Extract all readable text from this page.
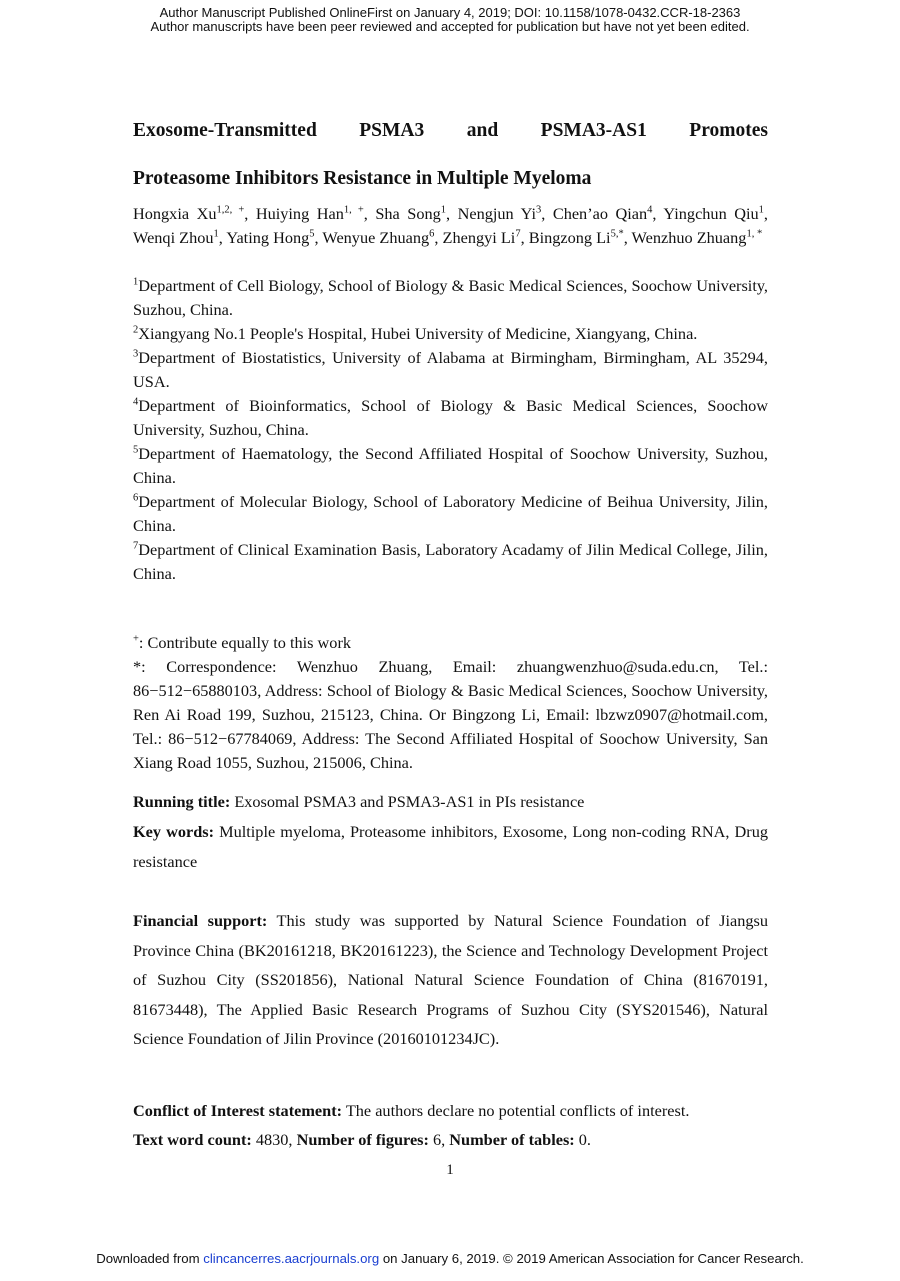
Author Manuscript Published OnlineFirst on January 4, 2019; DOI: 10.1158/1078-0432.CCR-18-2363
Author manuscripts have been peer reviewed and accepted for publication but have not yet been edited.
Exosome-Transmitted PSMA3 and PSMA3-AS1 Promotes
Proteasome Inhibitors Resistance in Multiple Myeloma
Hongxia $Xu^{1,2, +}$, Huiying Han$^{1, +}$, Sha Song$^1$, Nengjun Yi$^3$, Chen’ao Qian$^4$, Yingchun Qiu$^1$, Wenqi Zhou$^1$, Yating Hong$^5$, Wenyue Zhuang$^6$, Zhengyi Li$^7$, Bingzong $Li^{5,*}$, Wenzhuo Zhuang$^{1, *}$

$^1$Department of Cell Biology, School of Biology & Basic Medical Sciences, Soochow University, Suzhou, China.

$^2$Xiangyang No.1 People's Hospital, Hubei University of Medicine, Xiangyang, China.

$^3$Department of Biostatistics, University of Alabama at Birmingham, Birmingham, AL 35294, USA.

$^4$Department of Bioinformatics, School of Biology & Basic Medical Sciences, Soochow University, Suzhou, China.

$^5$Department of Haematology, the Second Affiliated Hospital of Soochow University, Suzhou, China.

$^6$Department of Molecular Biology, School of Laboratory Medicine of Beihua University, Jilin, China.

$^7$Department of Clinical Examination Basis, Laboratory Acadamy of Jilin Medical College, Jilin, China.

+: Contribute equally to this work

*: Correspondence: Wenzhuo Zhuang, Email: zhuangwenzhuo@suda.edu.cn, Tel.: 86−512−65880103, Address: School of Biology & Basic Medical Sciences, Soochow University, Ren Ai Road 199, Suzhou, 215123, China. Or Bingzong Li, Email: lbzwz0907@hotmail.com, Tel.: 86−512−67784069, Address: The Second Affiliated Hospital of Soochow University, San Xiang Road 1055, Suzhou, 215006, China.

Running title: Exosomal PSMA3 and PSMA3-AS1 in PIs resistance
Key words: Multiple myeloma, Proteasome inhibitors, Exosome, Long non-coding RNA, Drug resistance
Financial support: This study was supported by Natural Science Foundation of Jiangsu Province China (BK20161218, BK20161223), the Science and Technology Development Project of Suzhou City (SS201856), National Natural Science Foundation of China (81670191, 81673448), The Applied Basic Research Programs of Suzhou City (SYS201546), Natural Science Foundation of Jilin Province (20160101234JC).
Conflict of Interest statement: The authors declare no potential conflicts of interest.
Text word count: 4830, Number of figures: 6, Number of tables: 0.
1
Downloaded from clincancerres.aacrjournals.org on January 6, 2019. © 2019 American Association for Cancer Research.
